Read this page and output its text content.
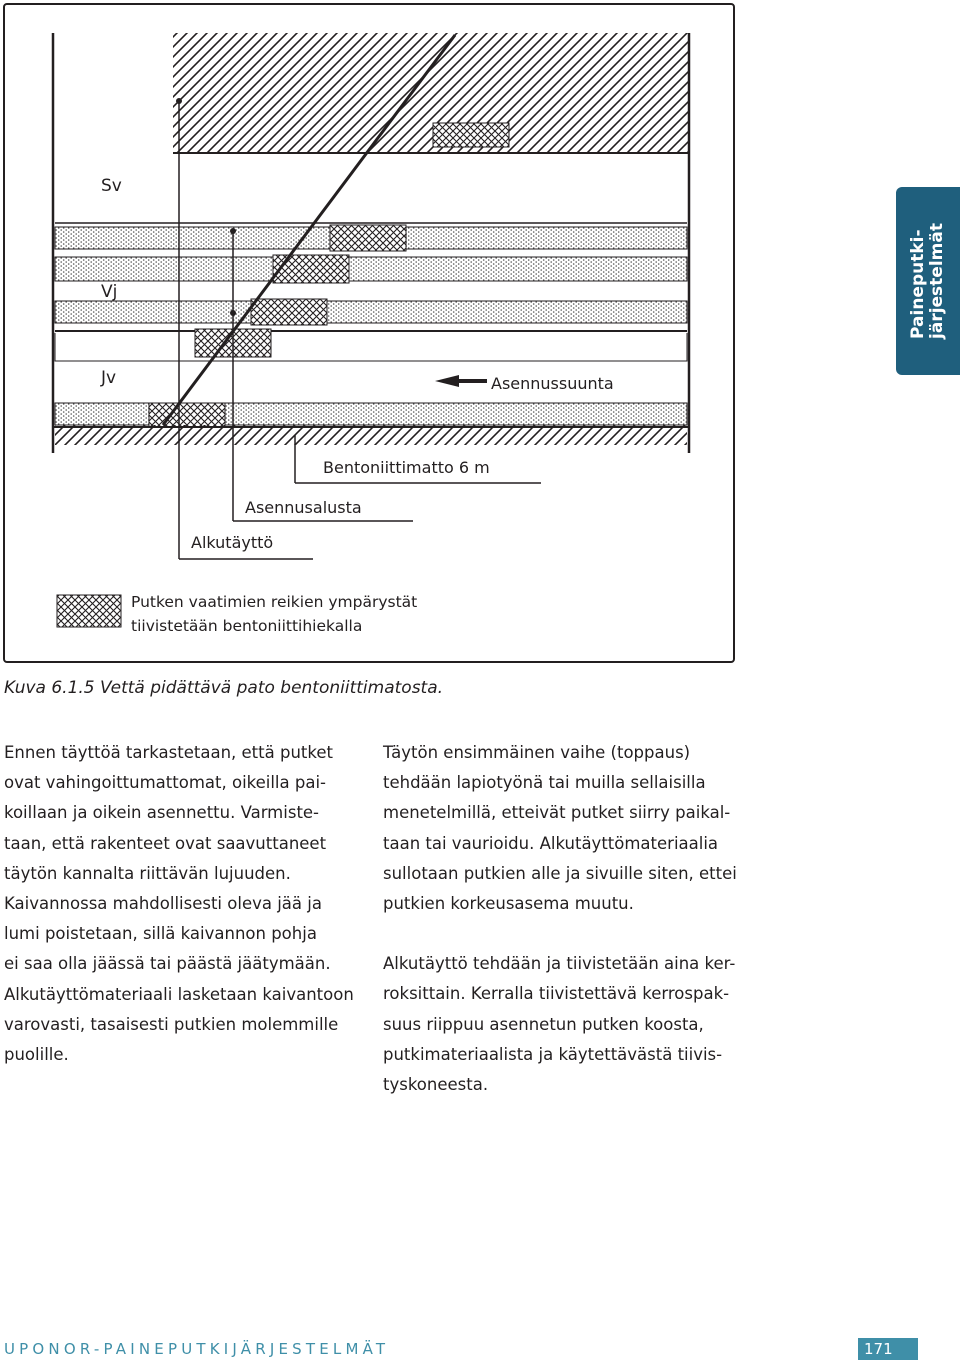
Sv
Vj
Jv	Asennussuunta
Bentoniittimatto 6 m
Asennusalusta
Alkutäyttö
Putken vaatimien reikien ympärystät
tiivistetään bentoniittihiekalla
Paineputki- järjestelmät
Kuva 6.1.5 Vettä pidättävä pato bentoniittimatosta.

Ennen täyttöä tarkastetaan, että putket
ovat vahingoittumattomat, oikeilla pai-
koillaan ja oikein asennettu. Varmiste-
taan, että rakenteet ovat saavuttaneet
täytön kannalta riittävän lujuuden.
Kaivannossa mahdollisesti oleva jää ja
lumi poistetaan, sillä kaivannon pohja
ei saa olla jäässä tai päästä jäätymään.
Alkutäyttömateriaali lasketaan kaivantoon
varovasti, tasaisesti putkien molemmille
puolille.

Täytön ensimmäinen vaihe (toppaus)
tehdään lapiotyönä tai muilla sellaisilla
menetelmillä, etteivät putket siirry paikal-
taan tai vaurioidu. Alkutäyttömateriaalia
sullotaan putkien alle ja sivuille siten, ettei
putkien korkeusasema muutu.

Alkutäyttö tehdään ja tiivistetään aina ker-
roksittain. Kerralla tiivistettävä kerrospak-
suus riippuu asennetun putken koosta,
putkimateriaalista ja käytettävästä tiivis-
tyskoneesta.

UPONOR-PAINEPUTKIJÄRJESTELMÄT	171
